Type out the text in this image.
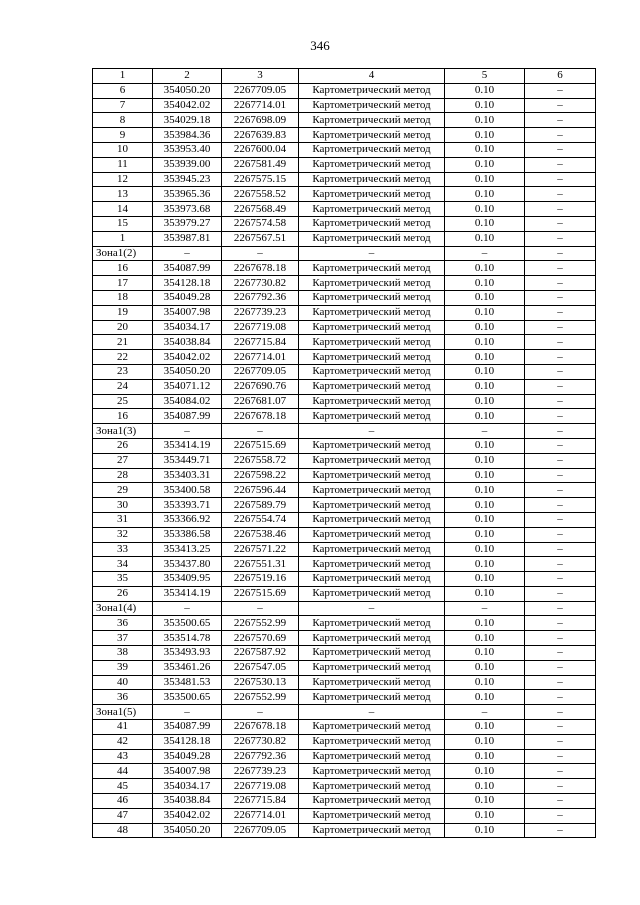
346
1	2	3	4	5	6
6	354050.20	2267709.05	Картометрический метод	0.10	–
7	354042.02	2267714.01	Картометрический метод	0.10	–
8	354029.18	2267698.09	Картометрический метод	0.10	–
9	353984.36	2267639.83	Картометрический метод	0.10	–
10	353953.40	2267600.04	Картометрический метод	0.10	–
11	353939.00	2267581.49	Картометрический метод	0.10	–
12	353945.23	2267575.15	Картометрический метод	0.10	–
13	353965.36	2267558.52	Картометрический метод	0.10	–
14	353973.68	2267568.49	Картометрический метод	0.10	–
15	353979.27	2267574.58	Картометрический метод	0.10	–
1	353987.81	2267567.51	Картометрический метод	0.10	–
Зона1(2)	–	–	–	–	–
16	354087.99	2267678.18	Картометрический метод	0.10	–
17	354128.18	2267730.82	Картометрический метод	0.10	–
18	354049.28	2267792.36	Картометрический метод	0.10	–
19	354007.98	2267739.23	Картометрический метод	0.10	–
20	354034.17	2267719.08	Картометрический метод	0.10	–
21	354038.84	2267715.84	Картометрический метод	0.10	–
22	354042.02	2267714.01	Картометрический метод	0.10	–
23	354050.20	2267709.05	Картометрический метод	0.10	–
24	354071.12	2267690.76	Картометрический метод	0.10	–
25	354084.02	2267681.07	Картометрический метод	0.10	–
16	354087.99	2267678.18	Картометрический метод	0.10	–
Зона1(3)	–	–	–	–	–
26	353414.19	2267515.69	Картометрический метод	0.10	–
27	353449.71	2267558.72	Картометрический метод	0.10	–
28	353403.31	2267598.22	Картометрический метод	0.10	–
29	353400.58	2267596.44	Картометрический метод	0.10	–
30	353393.71	2267589.79	Картометрический метод	0.10	–
31	353366.92	2267554.74	Картометрический метод	0.10	–
32	353386.58	2267538.46	Картометрический метод	0.10	–
33	353413.25	2267571.22	Картометрический метод	0.10	–
34	353437.80	2267551.31	Картометрический метод	0.10	–
35	353409.95	2267519.16	Картометрический метод	0.10	–
26	353414.19	2267515.69	Картометрический метод	0.10	–
Зона1(4)	–	–	–	–	–
36	353500.65	2267552.99	Картометрический метод	0.10	–
37	353514.78	2267570.69	Картометрический метод	0.10	–
38	353493.93	2267587.92	Картометрический метод	0.10	–
39	353461.26	2267547.05	Картометрический метод	0.10	–
40	353481.53	2267530.13	Картометрический метод	0.10	–
36	353500.65	2267552.99	Картометрический метод	0.10	–
Зона1(5)	–	–	–	–	–
41	354087.99	2267678.18	Картометрический метод	0.10	–
42	354128.18	2267730.82	Картометрический метод	0.10	–
43	354049.28	2267792.36	Картометрический метод	0.10	–
44	354007.98	2267739.23	Картометрический метод	0.10	–
45	354034.17	2267719.08	Картометрический метод	0.10	–
46	354038.84	2267715.84	Картометрический метод	0.10	–
47	354042.02	2267714.01	Картометрический метод	0.10	–
48	354050.20	2267709.05	Картометрический метод	0.10	–
